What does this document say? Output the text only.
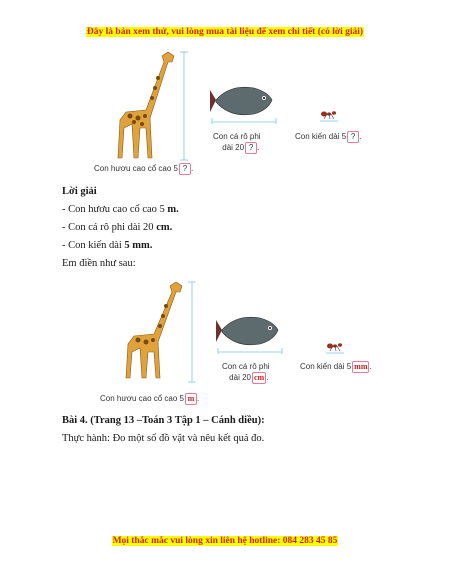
Đây là bản xem thử, vui lòng mua tài liệu để xem chi tiết (có lời giải)
Con cá rô phi
dài 20 ? .
Con kiến dài 5 ? .
Con hươu cao cổ cao 5 ? .
Lời giải
- Con hươu cao cổ cao 5 m.
- Con cá rô phi dài 20 cm.
- Con kiến dài 5 mm.
Em điền như sau:
Con cá rô phi
dài 20 cm .
Con kiến dài 5 mm .
Con hươu cao cổ cao 5 m .
Bài 4. (Trang 13 –Toán 3 Tập 1 – Cánh diều):
Thực hành: Đo một số đồ vật và nêu kết quả đo.
Mọi thắc mắc vui lòng xin liên hệ hotline: 084 283 45 85
